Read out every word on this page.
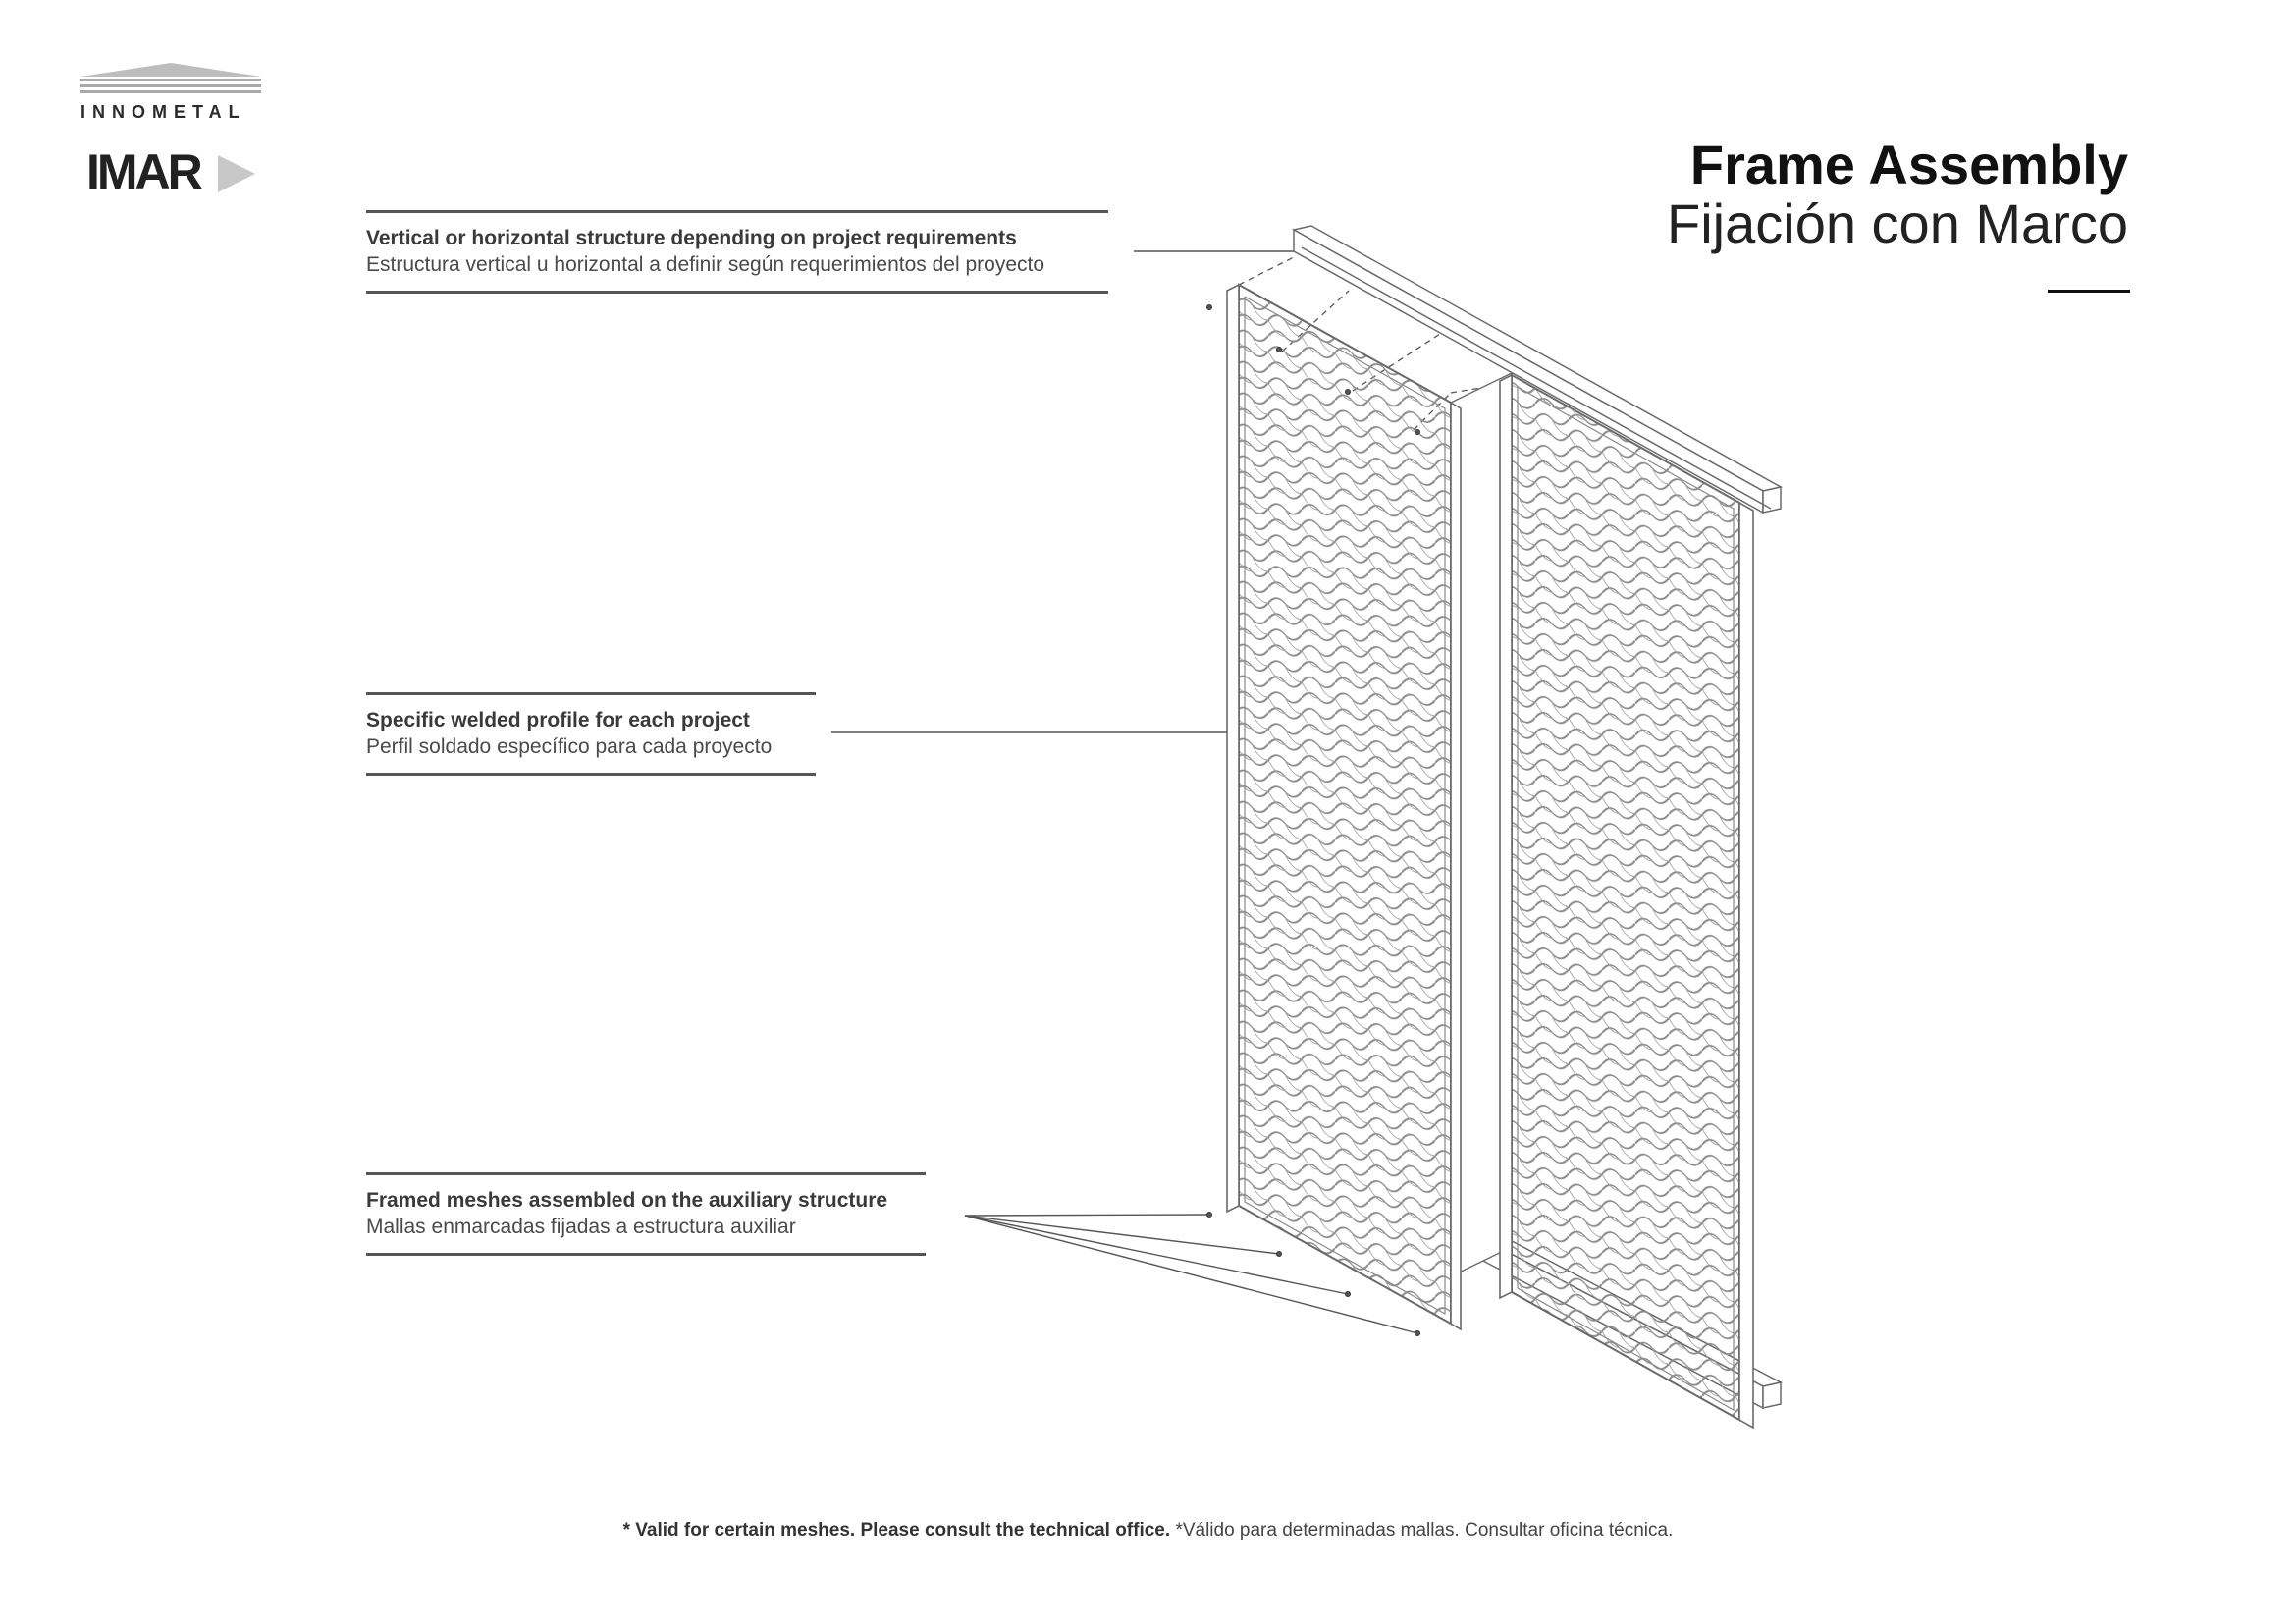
INNOMETAL
IMAR	Frame Assembly
Fijación con Marco
Vertical or horizontal structure depending on project requirements
Estructura vertical u horizontal a definir según requerimientos del proyecto
Specific welded profile for each project
Perfil soldado específico para cada proyecto
Framed meshes assembled on the auxiliary structure
Mallas enmarcadas fijadas a estructura auxiliar
* Valid for certain meshes. Please consult the technical office. *Válido para determinadas mallas. Consultar oficina técnica.
